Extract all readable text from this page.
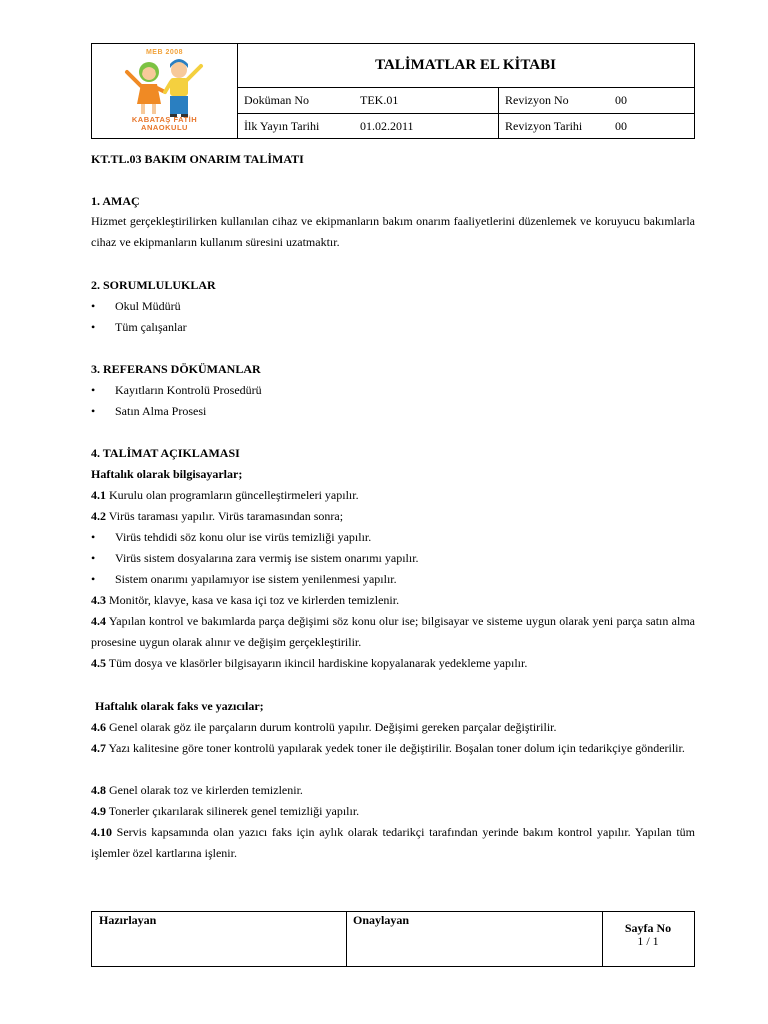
MEB 2008
KABATAŞ FATİH
ANAOKULU
TALİMATLAR EL KİTABI
Doküman No	TEK.01	Revizyon No	00
İlk Yayın Tarihi	01.02.2011	Revizyon Tarihi	00
KT.TL.03 BAKIM ONARIM TALİMATI
1. AMAÇ
Hizmet gerçekleştirilirken kullanılan cihaz ve ekipmanların bakım onarım faaliyetlerini düzenlemek ve koruyucu bakımlarla cihaz ve ekipmanların kullanım süresini uzatmaktır.
2. SORUMLULUKLAR
• Okul Müdürü
• Tüm çalışanlar
3. REFERANS DÖKÜMANLAR
• Kayıtların Kontrolü Prosedürü
• Satın Alma Prosesi
4. TALİMAT AÇIKLAMASI
Haftalık olarak bilgisayarlar;
4.1 Kurulu olan programların güncelleştirmeleri yapılır.
4.2 Virüs taraması yapılır. Virüs taramasından sonra;
• Virüs tehdidi söz konu olur ise virüs temizliği yapılır.
• Virüs sistem dosyalarına zara vermiş ise sistem onarımı yapılır.
• Sistem onarımı yapılamıyor ise sistem yenilenmesi yapılır.
4.3 Monitör, klavye, kasa ve kasa içi toz ve kirlerden temizlenir.
4.4 Yapılan kontrol ve bakımlarda parça değişimi söz konu olur ise; bilgisayar ve sisteme uygun olarak yeni parça satın alma prosesine uygun olarak alınır ve değişim gerçekleştirilir.
4.5 Tüm dosya ve klasörler bilgisayarın ikincil hardiskine kopyalanarak yedekleme yapılır.
Haftalık olarak faks ve yazıcılar;
4.6 Genel olarak göz ile parçaların durum kontrolü yapılır. Değişimi gereken parçalar değiştirilir.
4.7 Yazı kalitesine göre toner kontrolü yapılarak yedek toner ile değiştirilir. Boşalan toner dolum için tedarikçiye gönderilir.
4.8 Genel olarak toz ve kirlerden temizlenir.
4.9 Tonerler çıkarılarak silinerek genel temizliği yapılır.
4.10 Servis kapsamında olan yazıcı faks için aylık olarak tedarikçi tarafından yerinde bakım kontrol yapılır. Yapılan tüm işlemler özel kartlarına işlenir.
Hazırlayan	Onaylayan
Sayfa No
1 / 1
